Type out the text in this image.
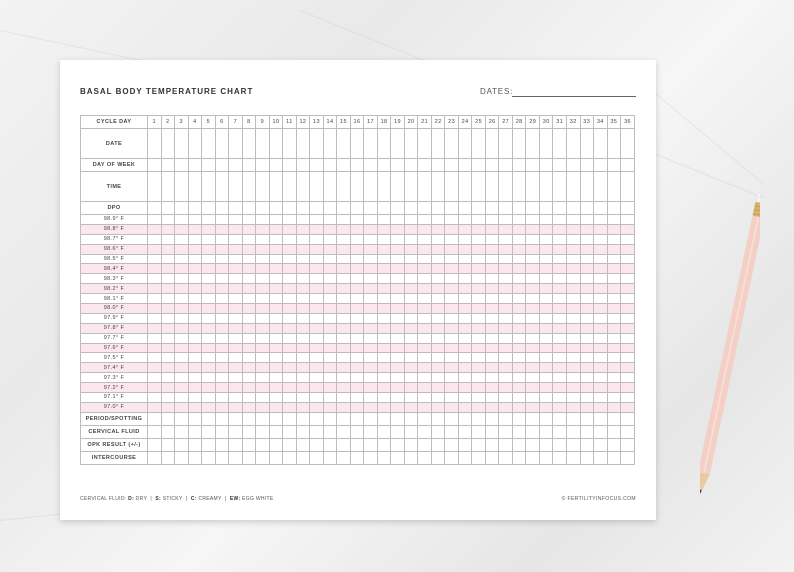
BASAL BODY TEMPERATURE CHART	DATES:
CYCLE DAY	1	2	3	4	5	6	7	8	9	10	11	12	13	14	15	16	17	18	19	20	21	22	23	24	25	26	27	28	29	30	31	32	33	34	35	36
DATE																																				
DAY OF WEEK																																				
TIME																																				
DPO																																				
98.9° F																																				
98.8° F																																				
98.7° F																																				
98.6° F																																				
98.5° F																																				
98.4° F																																				
98.3° F																																				
98.2° F																																				
98.1° F																																				
98.0° F																																				
97.9° F																																				
97.8° F																																				
97.7° F																																				
97.6° F																																				
97.5° F																																				
97.4° F																																				
97.3° F																																				
97.2° F																																				
97.1° F																																				
97.0° F																																				
PERIOD/SPOTTING																																				
CERVICAL FLUID																																				
OPK RESULT (+/-)																																				
INTERCOURSE																																				
CERVICAL FLUID: D: DRY  |  S: STICKY  |  C: CREAMY  |  EW: EGG WHITE	© FERTILITYINFOCUS.COM
